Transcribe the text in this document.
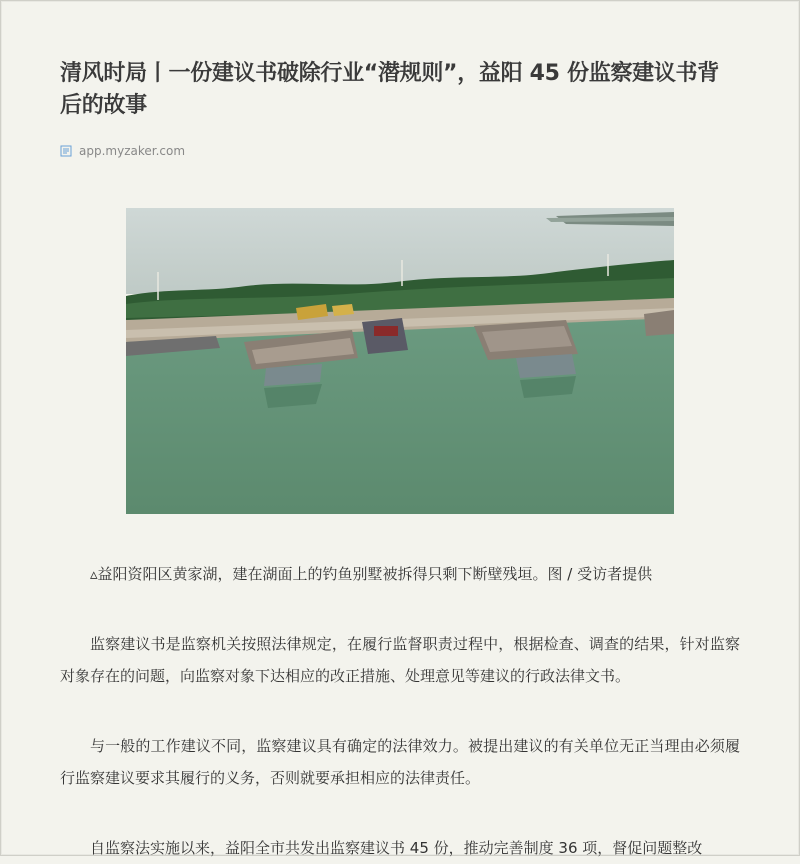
清风时局丨一份建议书破除行业“潜规则”，益阳 45 份监察建议书背后的故事
app.myzaker.com

▵益阳资阳区黄家湖，建在湖面上的钓鱼别墅被拆得只剩下断壁残垣。图 / 受访者提供

监察建议书是监察机关按照法律规定，在履行监督职责过程中，根据检查、调查的结果，针对监察对象存在的问题，向监察对象下达相应的改正措施、处理意见等建议的行政法律文书。

与一般的工作建议不同，监察建议具有确定的法律效力。被提出建议的有关单位无正当理由必须履行监察建议要求其履行的义务，否则就要承担相应的法律责任。

自监察法实施以来，益阳全市共发出监察建议书 45 份，推动完善制度 36 项，督促问题整改
